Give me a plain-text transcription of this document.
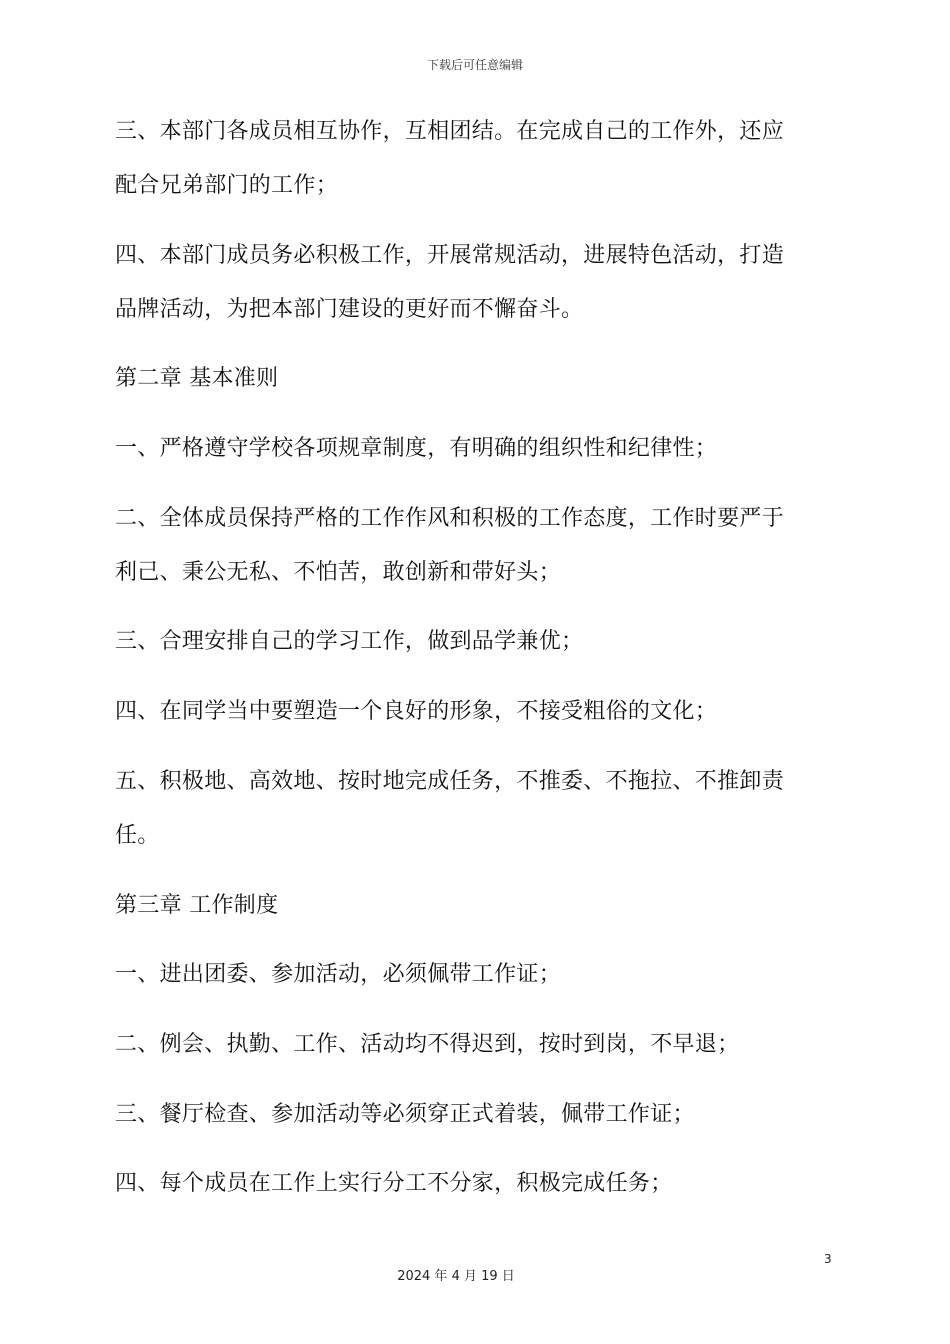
下载后可任意编辑
三、本部门各成员相互协作，互相团结。在完成自己的工作外，还应
配合兄弟部门的工作；
四、本部门成员务必积极工作，开展常规活动，进展特色活动，打造
品牌活动，为把本部门建设的更好而不懈奋斗。
第二章 基本准则
一、严格遵守学校各项规章制度，有明确的组织性和纪律性；
二、全体成员保持严格的工作作风和积极的工作态度，工作时要严于
利己、秉公无私、不怕苦，敢创新和带好头；
三、合理安排自己的学习工作，做到品学兼优；
四、在同学当中要塑造一个良好的形象，不接受粗俗的文化；
五、积极地、高效地、按时地完成任务，不推委、不拖拉、不推卸责
任。
第三章 工作制度
一、进出团委、参加活动，必须佩带工作证；
二、例会、执勤、工作、活动均不得迟到，按时到岗，不早退；
三、餐厅检查、参加活动等必须穿正式着装，佩带工作证；
四、每个成员在工作上实行分工不分家，积极完成任务；
3
2024 年 4 月 19 日
